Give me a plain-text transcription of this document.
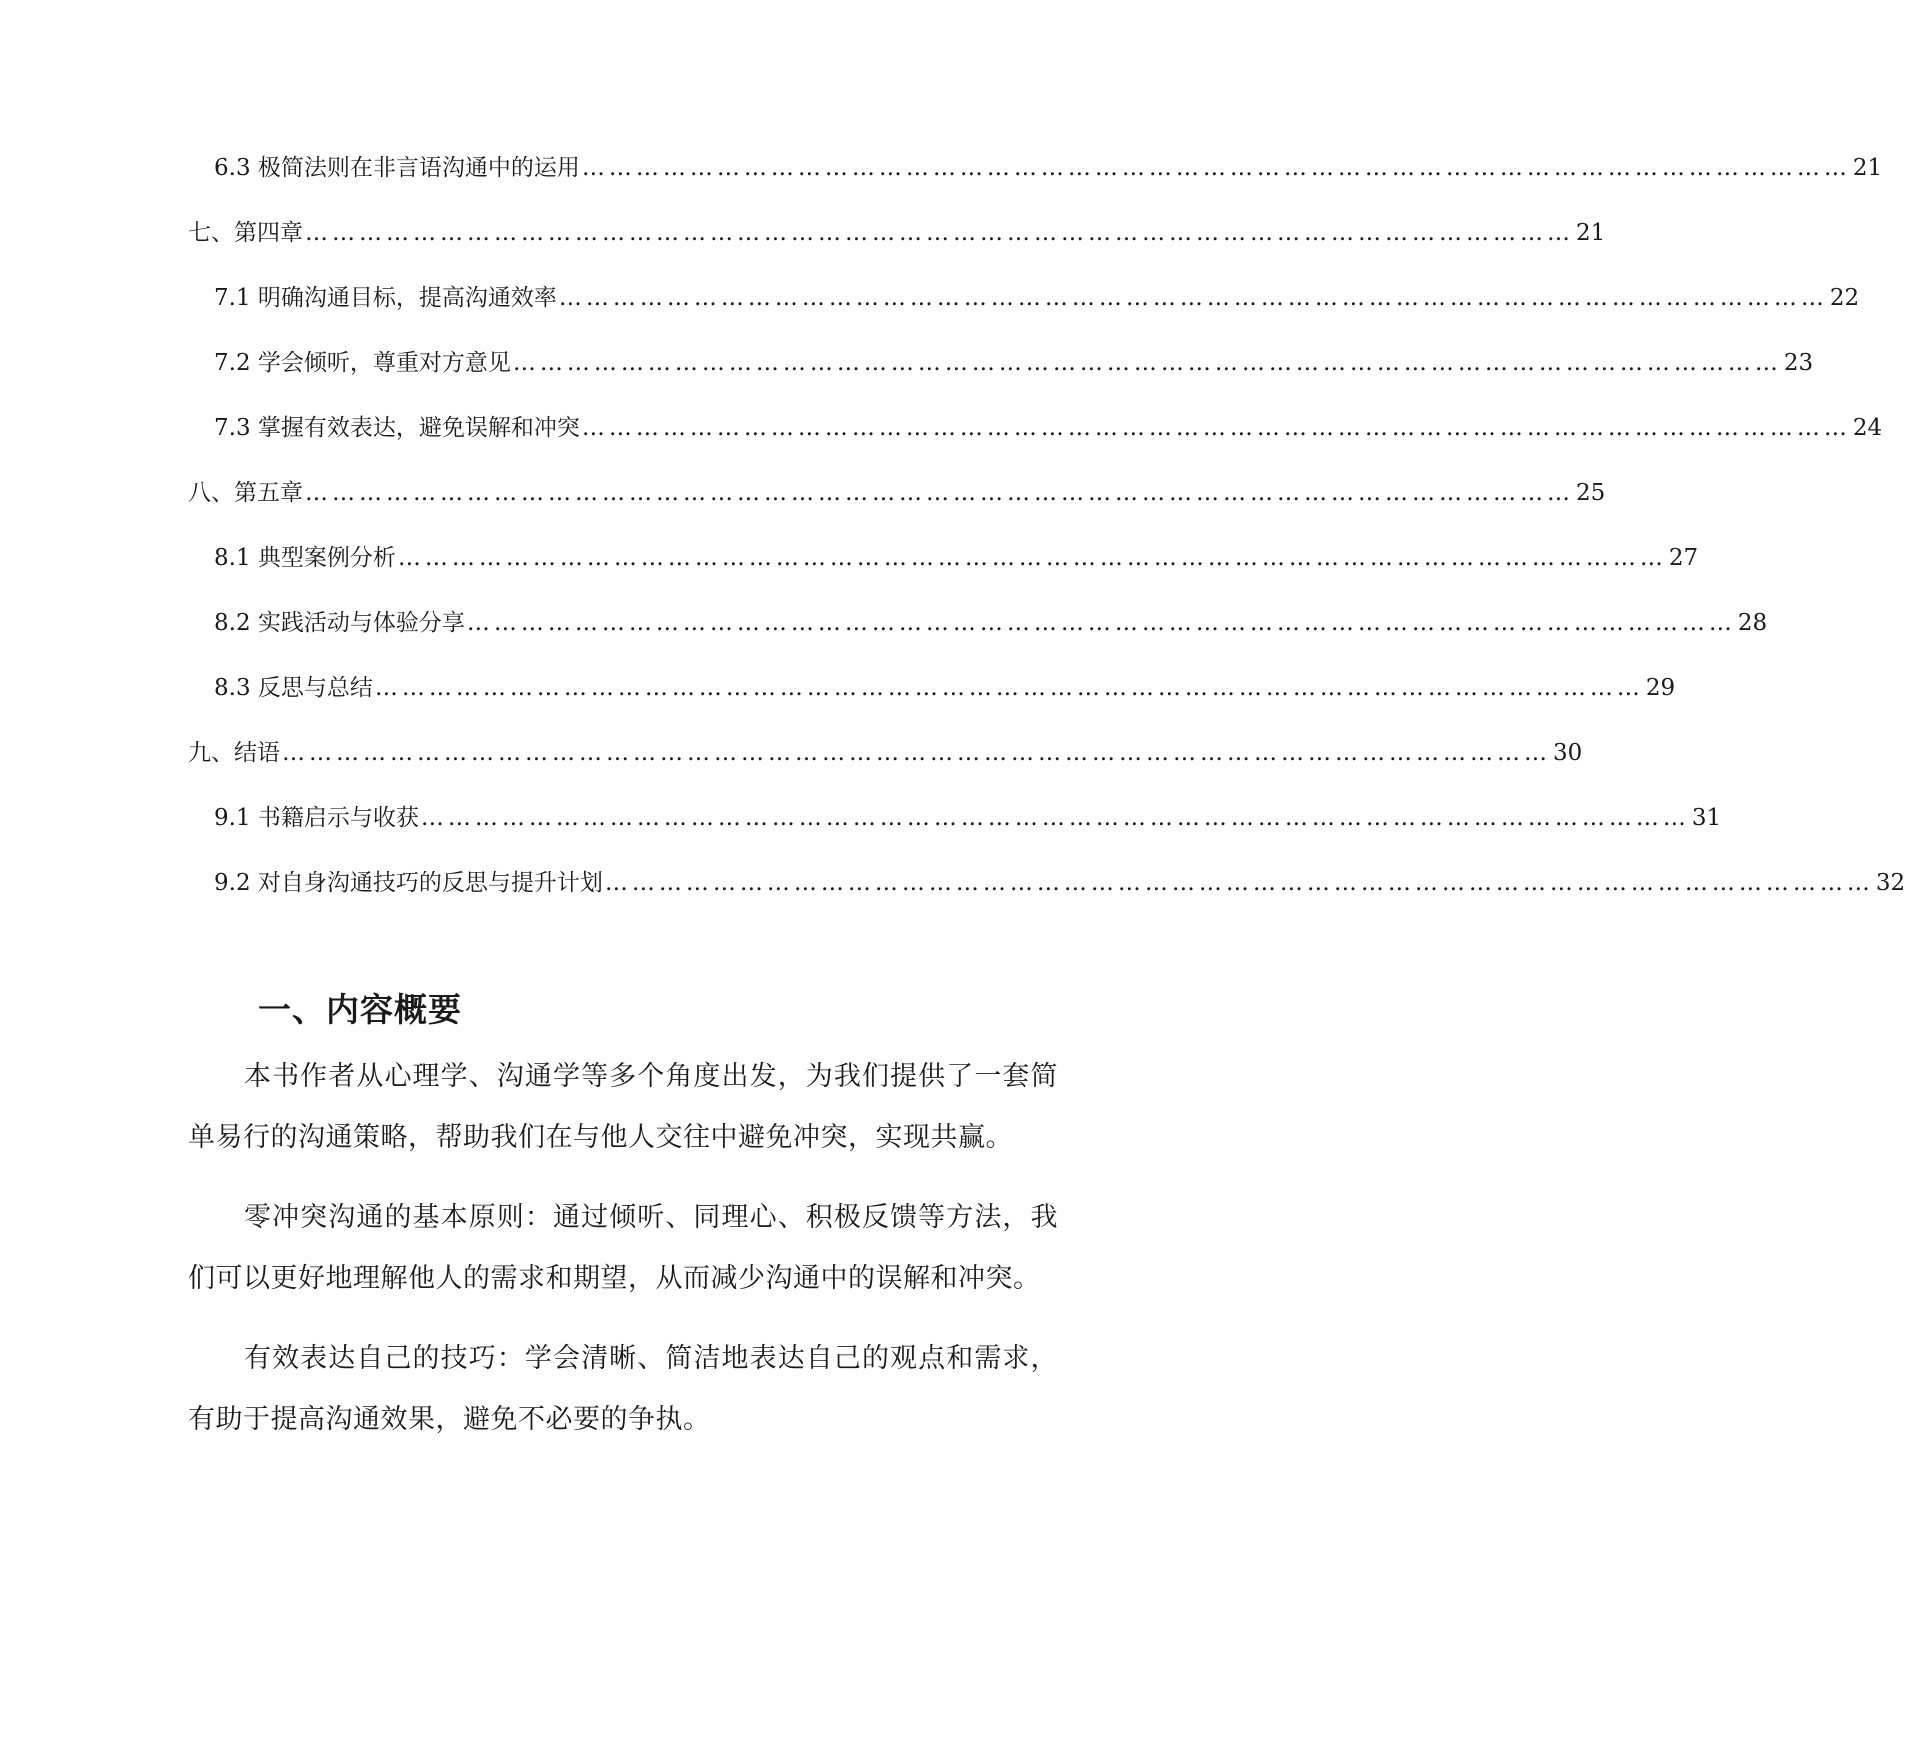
6.3 极简法则在非言语沟通中的运用 …………………………………………………………………………………………………………………………… 21
七、第四章 …………………………………………………………………………………………………………………………… 21
7.1 明确沟通目标，提高沟通效率 …………………………………………………………………………………………………………………………… 22
7.2 学会倾听，尊重对方意见 …………………………………………………………………………………………………………………………… 23
7.3 掌握有效表达，避免误解和冲突 …………………………………………………………………………………………………………………………… 24
八、第五章 …………………………………………………………………………………………………………………………… 25
8.1 典型案例分析 …………………………………………………………………………………………………………………………… 27
8.2 实践活动与体验分享 …………………………………………………………………………………………………………………………… 28
8.3 反思与总结 …………………………………………………………………………………………………………………………… 29
九、结语 …………………………………………………………………………………………………………………………… 30
9.1 书籍启示与收获 …………………………………………………………………………………………………………………………… 31
9.2 对自身沟通技巧的反思与提升计划 …………………………………………………………………………………………………………………………… 32
一、内容概要

本书作者从心理学、沟通学等多个角度出发，为我们提供了一套简单易行的沟通策略，帮助我们在与他人交往中避免冲突，实现共赢。

零冲突沟通的基本原则：通过倾听、同理心、积极反馈等方法，我们可以更好地理解他人的需求和期望，从而减少沟通中的误解和冲突。

有效表达自己的技巧：学会清晰、简洁地表达自己的观点和需求，有助于提高沟通效果，避免不必要的争执。
